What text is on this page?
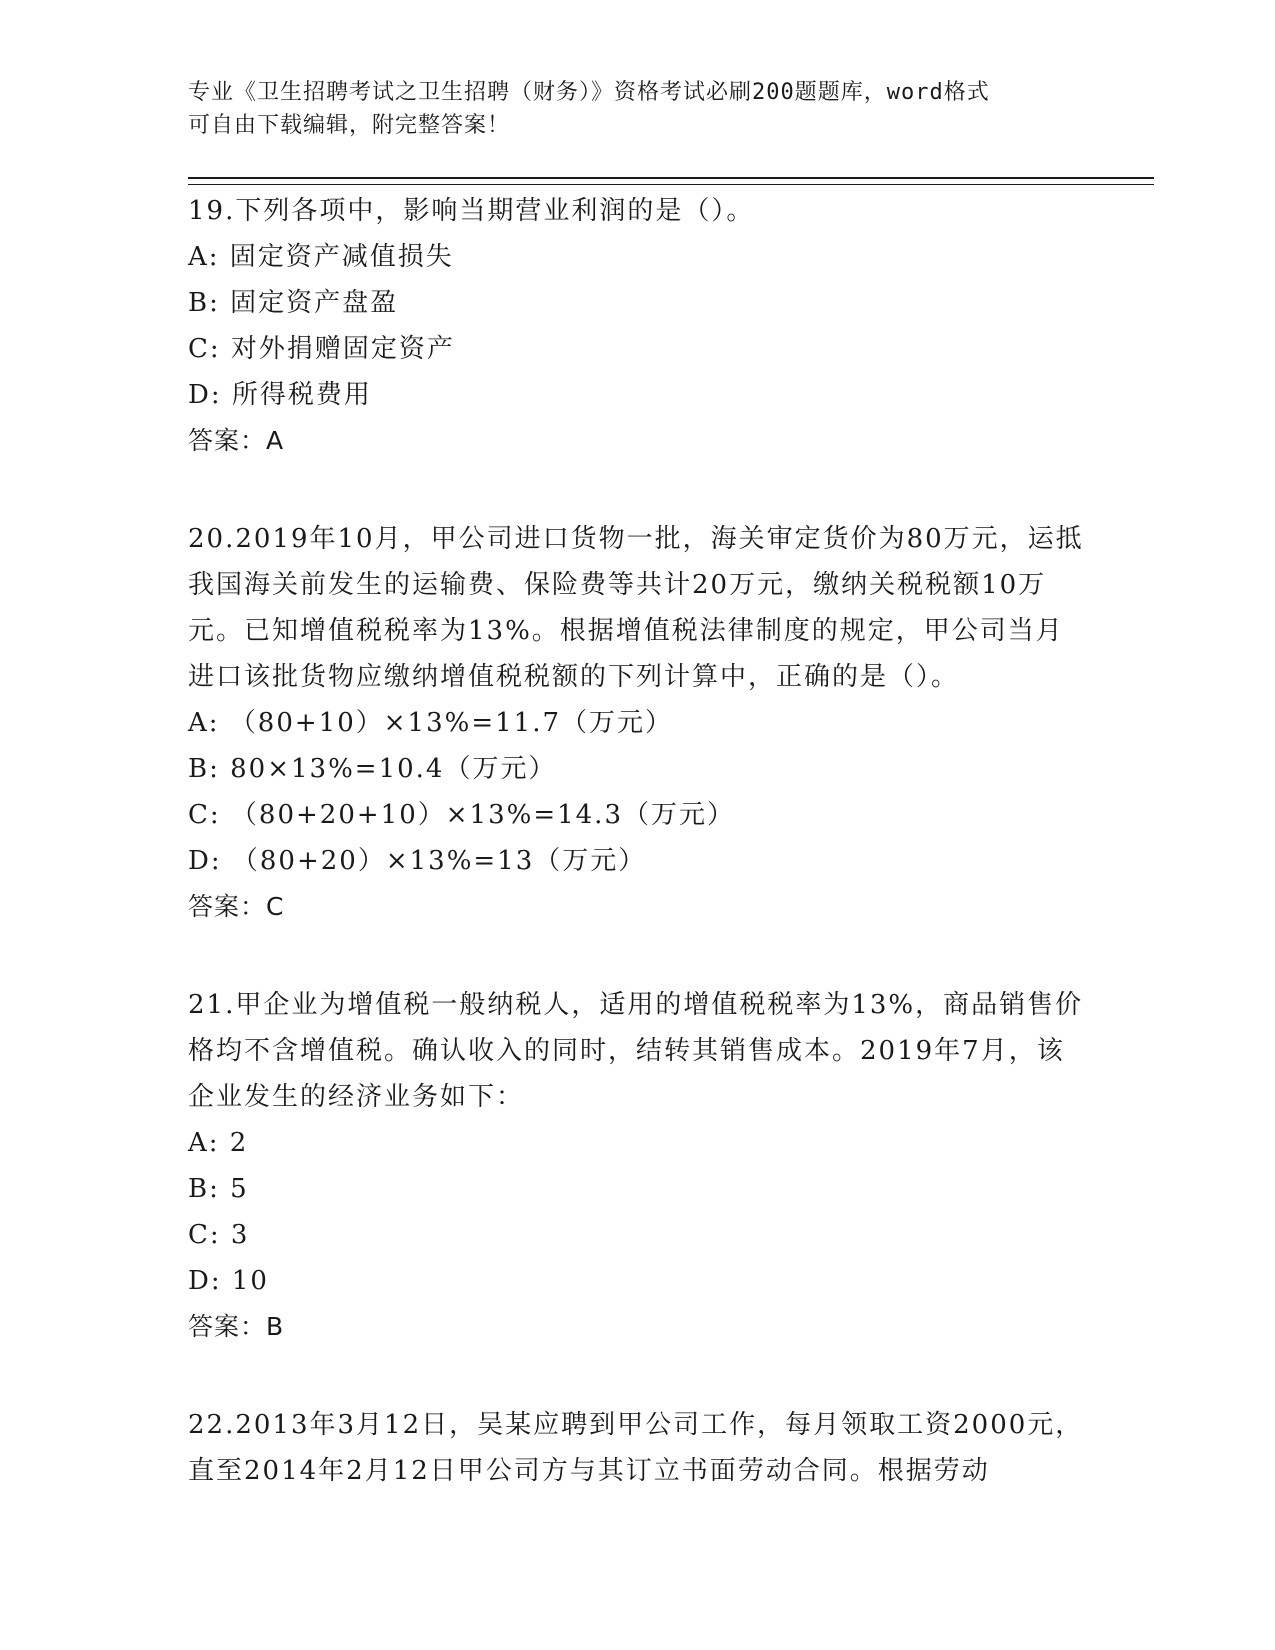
专业《卫生招聘考试之卫生招聘（财务）》资格考试必刷200题题库，word格式
可自由下载编辑，附完整答案！

19.下列各项中，影响当期营业利润的是（）。

A: 固定资产减值损失

B: 固定资产盘盈

C: 对外捐赠固定资产

D: 所得税费用

答案：A

20.2019年10月，甲公司进口货物一批，海关审定货价为80万元，运抵我国海关前发生的运输费、保险费等共计20万元，缴纳关税税额10万元。已知增值税税率为13%。根据增值税法律制度的规定，甲公司当月进口该批货物应缴纳增值税税额的下列计算中，正确的是（）。

A: （80+10）×13%=11.7（万元）

B: 80×13%=10.4（万元）

C: （80+20+10）×13%=14.3（万元）

D: （80+20）×13%=13（万元）

答案：C

21.甲企业为增值税一般纳税人，适用的增值税税率为13%，商品销售价格均不含增值税。确认收入的同时，结转其销售成本。2019年7月，该企业发生的经济业务如下：

A: 2

B: 5

C: 3

D: 10

答案：B

22.2013年3月12日，吴某应聘到甲公司工作，每月领取工资2000元，直至2014年2月12日甲公司方与其订立书面劳动合同。根据劳动
